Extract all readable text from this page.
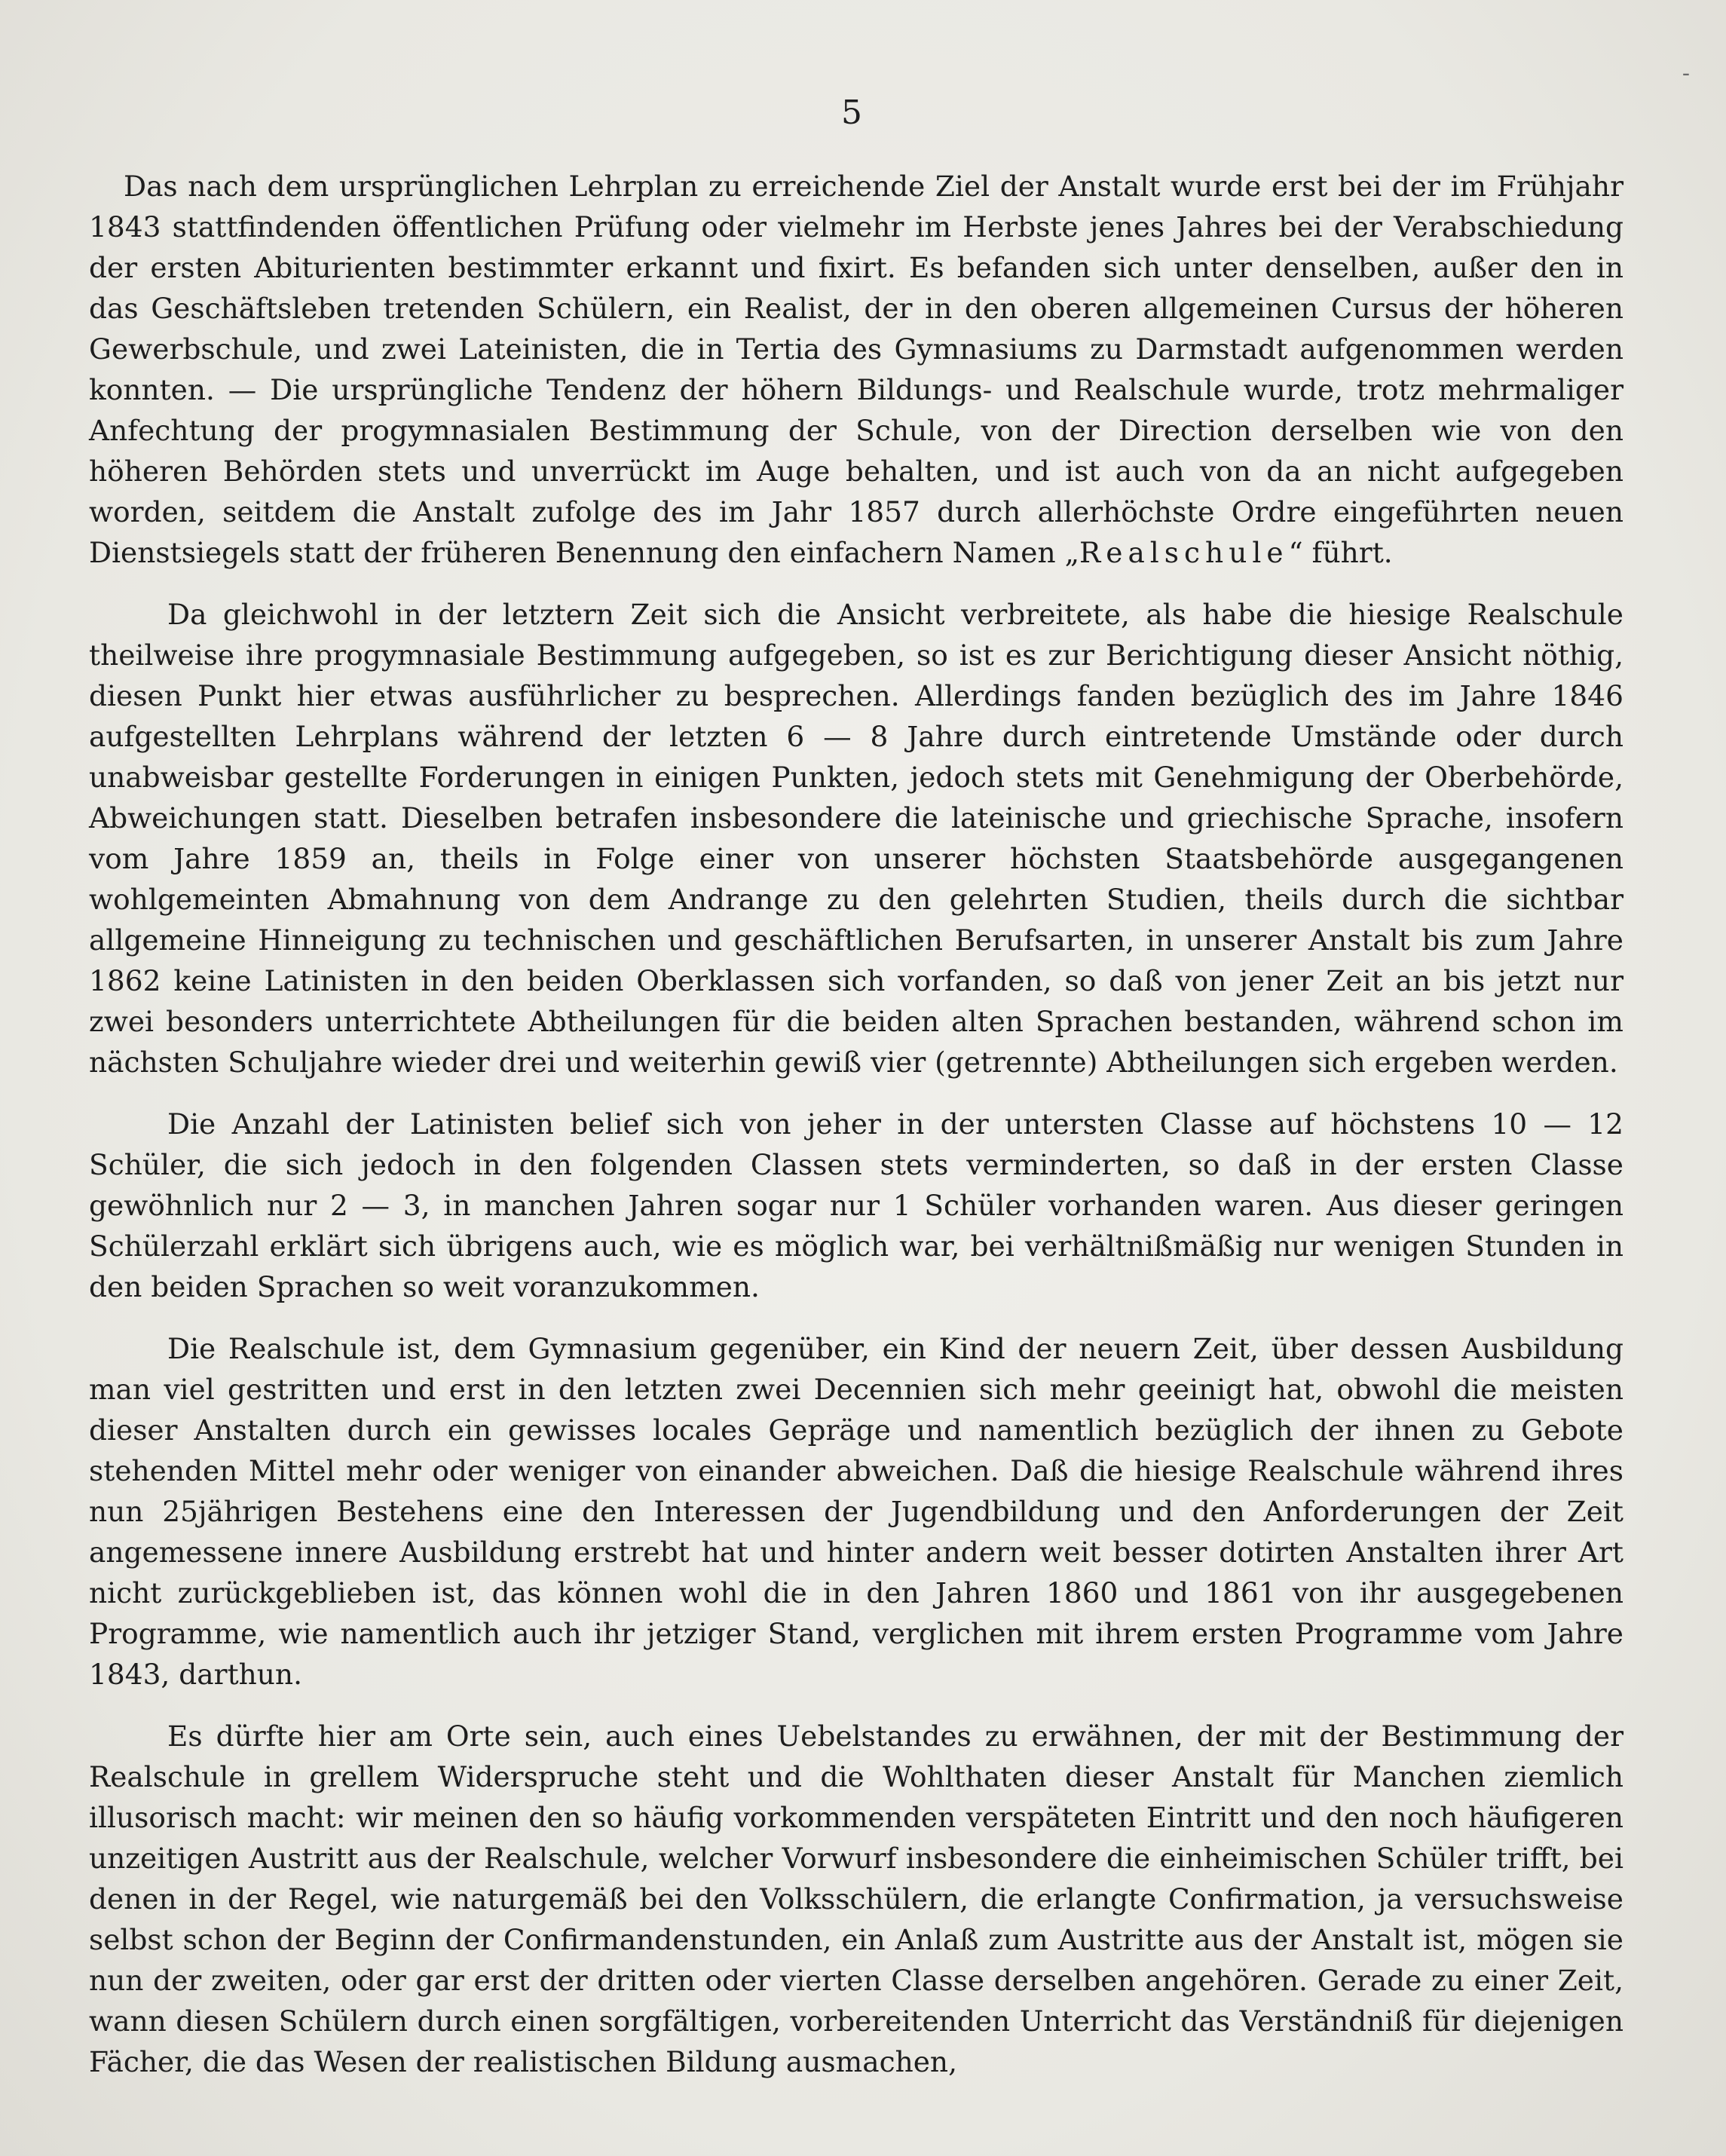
-
5

Das nach dem ursprünglichen Lehrplan zu erreichende Ziel der Anstalt wurde erst bei der im Frühjahr 1843 stattfindenden öffentlichen Prüfung oder vielmehr im Herbste jenes Jahres bei der Verabschiedung der ersten Abiturienten bestimmter erkannt und fixirt. Es befanden sich unter denselben, außer den in das Geschäftsleben tretenden Schülern, ein Realist, der in den oberen allgemeinen Cursus der höheren Gewerbschule, und zwei Lateinisten, die in Tertia des Gymnasiums zu Darmstadt aufgenommen werden konnten. — Die ursprüngliche Tendenz der höhern Bildungs- und Realschule wurde, trotz mehrmaliger Anfechtung der progymnasialen Bestimmung der Schule, von der Direction derselben wie von den höheren Behörden stets und unverrückt im Auge behalten, und ist auch von da an nicht aufgegeben worden, seitdem die Anstalt zufolge des im Jahr 1857 durch allerhöchste Ordre eingeführten neuen Dienstsiegels statt der früheren Benennung den einfachern Namen „Realschule“ führt.

Da gleichwohl in der letztern Zeit sich die Ansicht verbreitete, als habe die hiesige Realschule theilweise ihre progymnasiale Bestimmung aufgegeben, so ist es zur Berichtigung dieser Ansicht nöthig, diesen Punkt hier etwas ausführlicher zu besprechen. Allerdings fanden bezüglich des im Jahre 1846 aufgestellten Lehrplans während der letzten 6 — 8 Jahre durch eintretende Umstände oder durch unabweisbar gestellte Forderungen in einigen Punkten, jedoch stets mit Genehmigung der Oberbehörde, Abweichungen statt. Dieselben betrafen insbesondere die lateinische und griechische Sprache, insofern vom Jahre 1859 an, theils in Folge einer von unserer höchsten Staatsbehörde ausgegangenen wohlgemeinten Abmahnung von dem Andrange zu den gelehrten Studien, theils durch die sichtbar allgemeine Hinneigung zu technischen und geschäftlichen Berufsarten, in unserer Anstalt bis zum Jahre 1862 keine Latinisten in den beiden Oberklassen sich vorfanden, so daß von jener Zeit an bis jetzt nur zwei besonders unterrichtete Abtheilungen für die beiden alten Sprachen bestanden, während schon im nächsten Schuljahre wieder drei und weiterhin gewiß vier (getrennte) Abtheilungen sich ergeben werden.

Die Anzahl der Latinisten belief sich von jeher in der untersten Classe auf höchstens 10 — 12 Schüler, die sich jedoch in den folgenden Classen stets verminderten, so daß in der ersten Classe gewöhnlich nur 2 — 3, in manchen Jahren sogar nur 1 Schüler vorhanden waren. Aus dieser geringen Schülerzahl erklärt sich übrigens auch, wie es möglich war, bei verhältnißmäßig nur wenigen Stunden in den beiden Sprachen so weit voranzukommen.

Die Realschule ist, dem Gymnasium gegenüber, ein Kind der neuern Zeit, über dessen Ausbildung man viel gestritten und erst in den letzten zwei Decennien sich mehr geeinigt hat, obwohl die meisten dieser Anstalten durch ein gewisses locales Gepräge und namentlich bezüglich der ihnen zu Gebote stehenden Mittel mehr oder weniger von einander abweichen. Daß die hiesige Realschule während ihres nun 25jährigen Bestehens eine den Interessen der Jugendbildung und den Anforderungen der Zeit angemessene innere Ausbildung erstrebt hat und hinter andern weit besser dotirten Anstalten ihrer Art nicht zurückgeblieben ist, das können wohl die in den Jahren 1860 und 1861 von ihr ausgegebenen Programme, wie namentlich auch ihr jetziger Stand, verglichen mit ihrem ersten Programme vom Jahre 1843, darthun.

Es dürfte hier am Orte sein, auch eines Uebelstandes zu erwähnen, der mit der Bestimmung der Realschule in grellem Widerspruche steht und die Wohlthaten dieser Anstalt für Manchen ziemlich illusorisch macht: wir meinen den so häufig vorkommenden verspäteten Eintritt und den noch häufigeren unzeitigen Austritt aus der Realschule, welcher Vorwurf insbesondere die einheimischen Schüler trifft, bei denen in der Regel, wie naturgemäß bei den Volksschülern, die erlangte Confirmation, ja versuchsweise selbst schon der Beginn der Confirmandenstunden, ein Anlaß zum Austritte aus der Anstalt ist, mögen sie nun der zweiten, oder gar erst der dritten oder vierten Classe derselben angehören. Gerade zu einer Zeit, wann diesen Schülern durch einen sorgfältigen, vorbereitenden Unterricht das Verständniß für diejenigen Fächer, die das Wesen der realistischen Bildung ausmachen,
